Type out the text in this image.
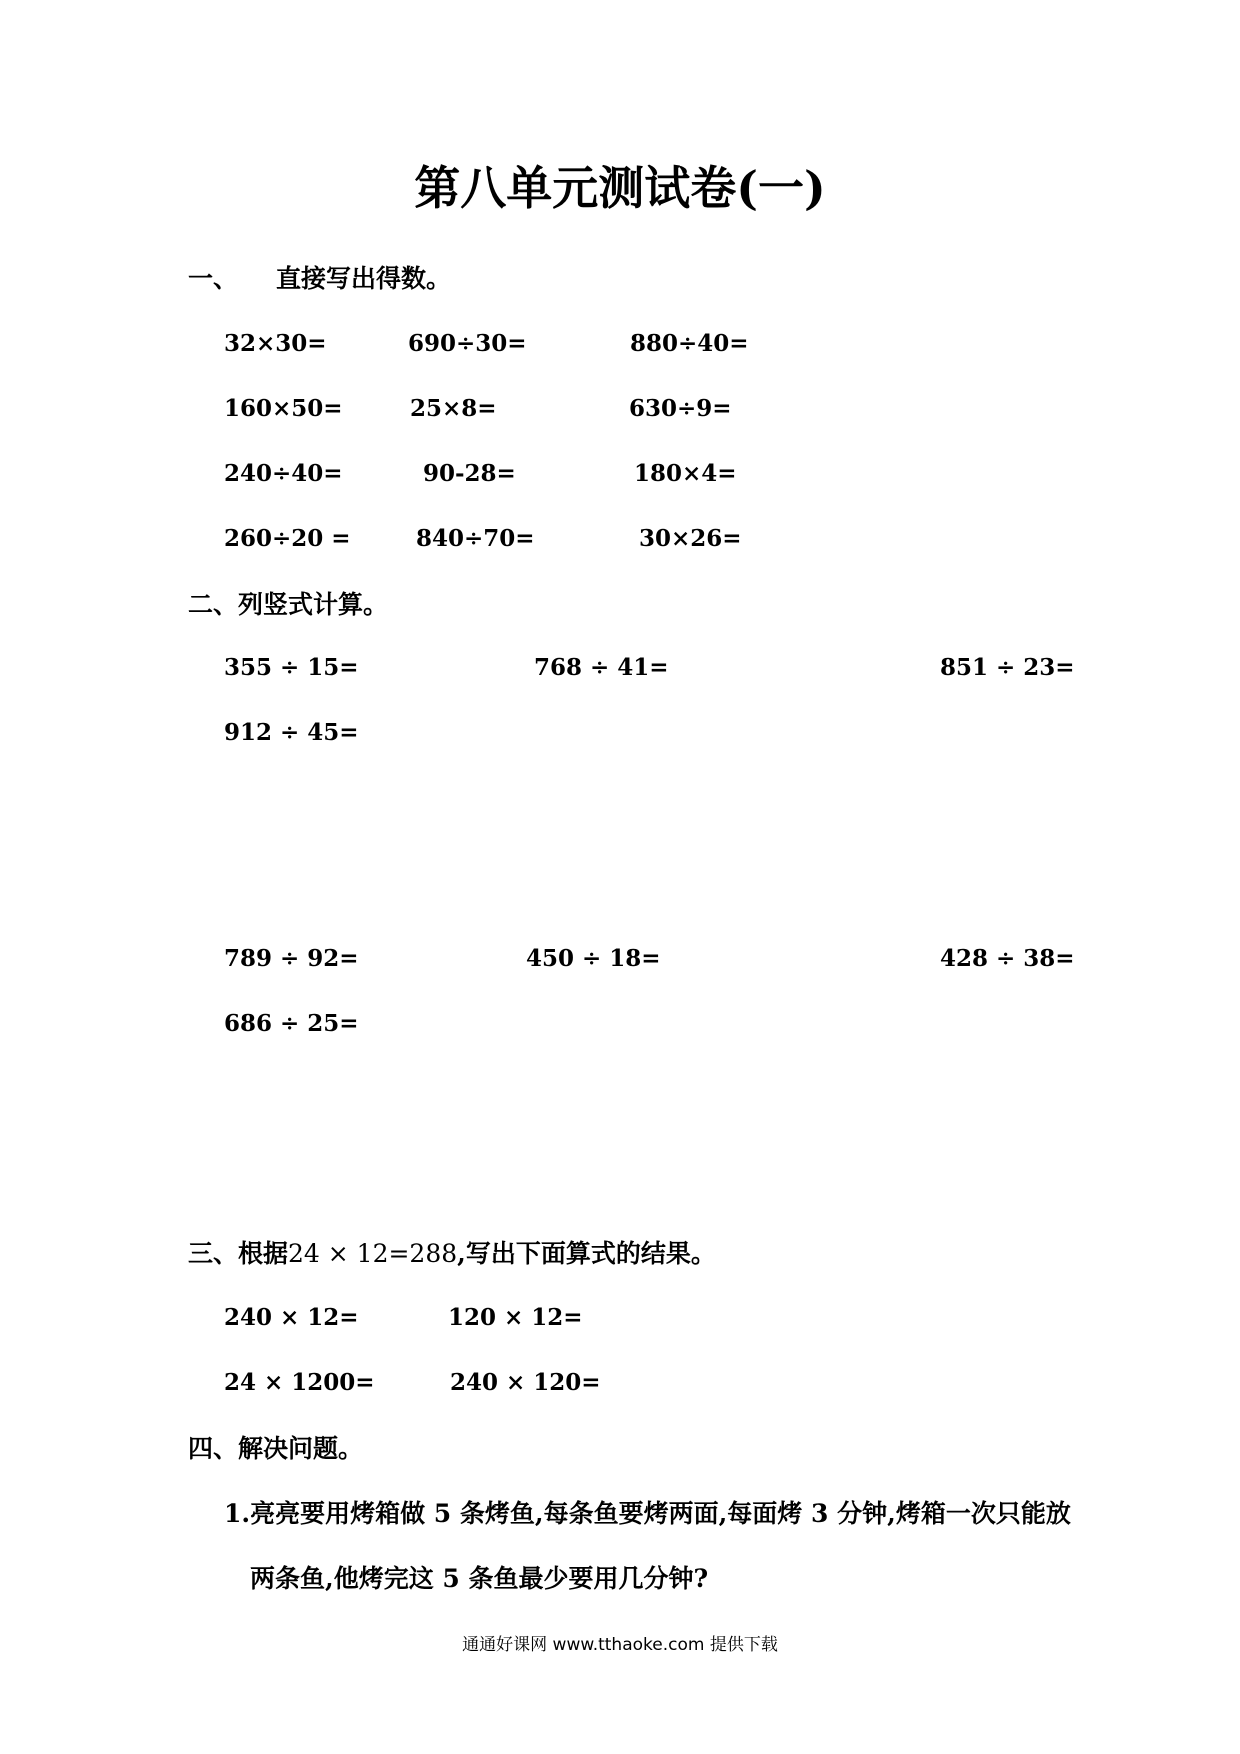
第八单元测试卷(一)
一、 直接写出得数。
32×30=	690÷30=	880÷40=
160×50=	25×8=	630÷9=
240÷40=	90-28=	180×4=
260÷20 =	840÷70=	30×26=
二、列竖式计算。
355 ÷ 15=	768 ÷ 41=	851 ÷ 23=
912 ÷ 45=
789 ÷ 92=	450 ÷ 18=	428 ÷ 38=
686 ÷ 25=
三、根据24 × 12=288,写出下面算式的结果。
240 × 12=	120 × 12=
24 × 1200=	240 × 120=
四、解决问题。
1.亮亮要用烤箱做 5 条烤鱼,每条鱼要烤两面,每面烤 3 分钟,烤箱一次只能放
两条鱼,他烤完这 5 条鱼最少要用几分钟?
通通好课网 www.tthaoke.com 提供下载
